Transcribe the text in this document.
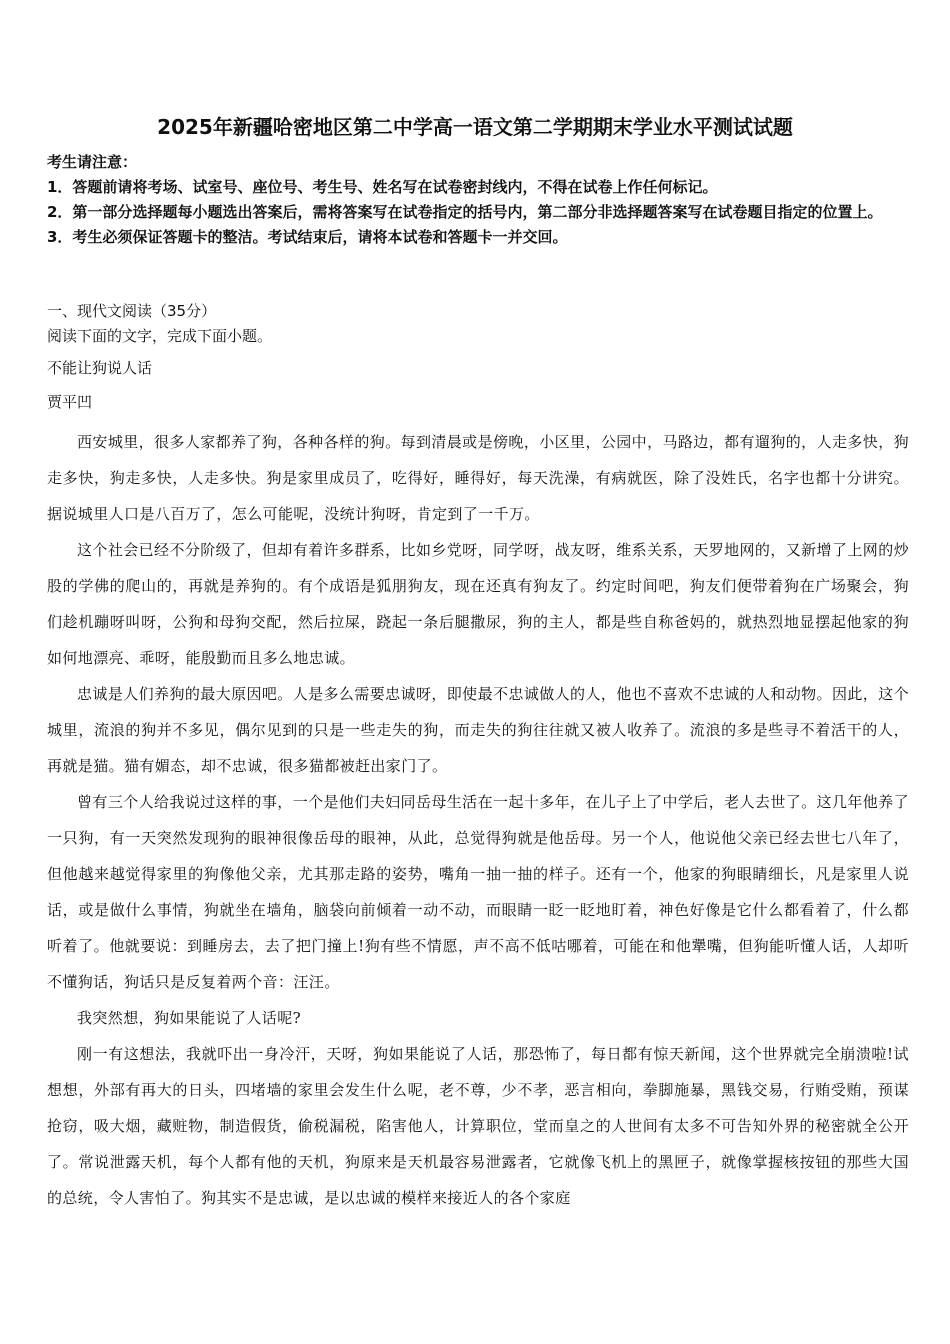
2025年新疆哈密地区第二中学高一语文第二学期期末学业水平测试试题

考生请注意：

1．答题前请将考场、试室号、座位号、考生号、姓名写在试卷密封线内，不得在试卷上作任何标记。

2．第一部分选择题每小题选出答案后，需将答案写在试卷指定的括号内，第二部分非选择题答案写在试卷题目指定的位置上。

3．考生必须保证答题卡的整洁。考试结束后，请将本试卷和答题卡一并交回。

一、现代文阅读（35分）
阅读下面的文字，完成下面小题。
不能让狗说人话
贾平凹

西安城里，很多人家都养了狗，各种各样的狗。每到清晨或是傍晚，小区里，公园中，马路边，都有遛狗的，人走多快，狗走多快，狗走多快，人走多快。狗是家里成员了，吃得好，睡得好，每天洗澡，有病就医，除了没姓氏，名字也都十分讲究。据说城里人口是八百万了，怎么可能呢，没统计狗呀，肯定到了一千万。

这个社会已经不分阶级了，但却有着许多群系，比如乡党呀，同学呀，战友呀，维系关系，天罗地网的，又新增了上网的炒股的学佛的爬山的，再就是养狗的。有个成语是狐朋狗友，现在还真有狗友了。约定时间吧，狗友们便带着狗在广场聚会，狗们趁机蹦呀叫呀，公狗和母狗交配，然后拉屎，跷起一条后腿撒尿，狗的主人，都是些自称爸妈的，就热烈地显摆起他家的狗如何地漂亮、乖呀，能殷勤而且多么地忠诚。

忠诚是人们养狗的最大原因吧。人是多么需要忠诚呀，即使最不忠诚做人的人，他也不喜欢不忠诚的人和动物。因此，这个城里，流浪的狗并不多见，偶尔见到的只是一些走失的狗，而走失的狗往往就又被人收养了。流浪的多是些寻不着活干的人，再就是猫。猫有媚态，却不忠诚，很多猫都被赶出家门了。

曾有三个人给我说过这样的事，一个是他们夫妇同岳母生活在一起十多年，在儿子上了中学后，老人去世了。这几年他养了一只狗，有一天突然发现狗的眼神很像岳母的眼神，从此，总觉得狗就是他岳母。另一个人，他说他父亲已经去世七八年了，但他越来越觉得家里的狗像他父亲，尤其那走路的姿势，嘴角一抽一抽的样子。还有一个，他家的狗眼睛细长，凡是家里人说话，或是做什么事情，狗就坐在墙角，脑袋向前倾着一动不动，而眼睛一眨一眨地盯着，神色好像是它什么都看着了，什么都听着了。他就要说：到睡房去，去了把门撞上!狗有些不情愿，声不高不低咕哪着，可能在和他犟嘴，但狗能听懂人话，人却听不懂狗话，狗话只是反复着两个音：汪汪。

我突然想，狗如果能说了人话呢?

刚一有这想法，我就吓出一身冷汗，天呀，狗如果能说了人话，那恐怖了，每日都有惊天新闻，这个世界就完全崩溃啦!试想想，外部有再大的日头，四堵墙的家里会发生什么呢，老不尊，少不孝，恶言相向，拳脚施暴，黑钱交易，行贿受贿，预谋抢窃，吸大烟，藏赃物，制造假货，偷税漏税，陷害他人，计算职位，堂而皇之的人世间有太多不可告知外界的秘密就全公开了。常说泄露天机，每个人都有他的天机，狗原来是天机最容易泄露者，它就像飞机上的黑匣子，就像掌握核按钮的那些大国的总统，令人害怕了。狗其实不是忠诚，是以忠诚的模样来接近人的各个家庭
